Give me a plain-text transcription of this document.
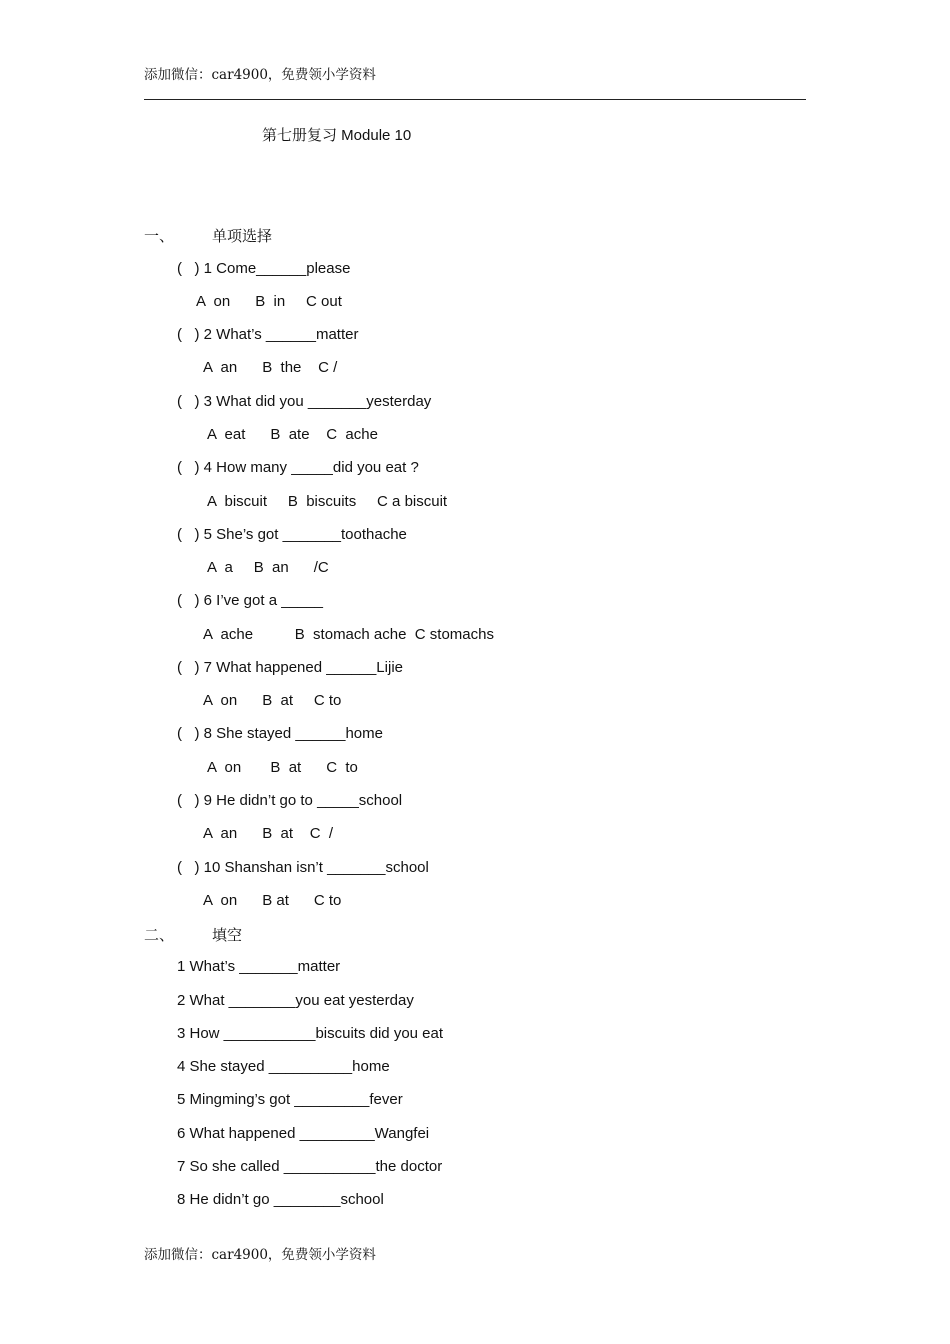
添加微信：car4900，免费领小学资料
第七册复习 Module 10
一、	单项选择
(   ) 1 Come______please
A  on      B  in     C out
(   ) 2 What’s ______matter
A  an      B  the    C /
(   ) 3 What did you _______yesterday
A  eat      B  ate    C  ache
(   ) 4 How many _____did you eat ?
A  biscuit     B  biscuits     C a biscuit
(   ) 5 She’s got _______toothache
A  a     B  an      /C
(   ) 6 I’ve got a _____
A  ache          B  stomach ache  C stomachs
(   ) 7 What happened ______Lijie
A  on      B  at     C to
(   ) 8 She stayed ______home
A  on       B  at      C  to
(   ) 9 He didn’t go to _____school
A  an      B  at    C  /
(   ) 10 Shanshan isn’t _______school
A  on      B at      C to
二、	填空
1 What’s _______matter
2 What ________you eat yesterday
3 How ___________biscuits did you eat
4 She stayed __________home
5 Mingming’s got _________fever
6 What happened _________Wangfei
7 So she called ___________the doctor
8 He didn’t go ________school
添加微信：car4900，免费领小学资料
